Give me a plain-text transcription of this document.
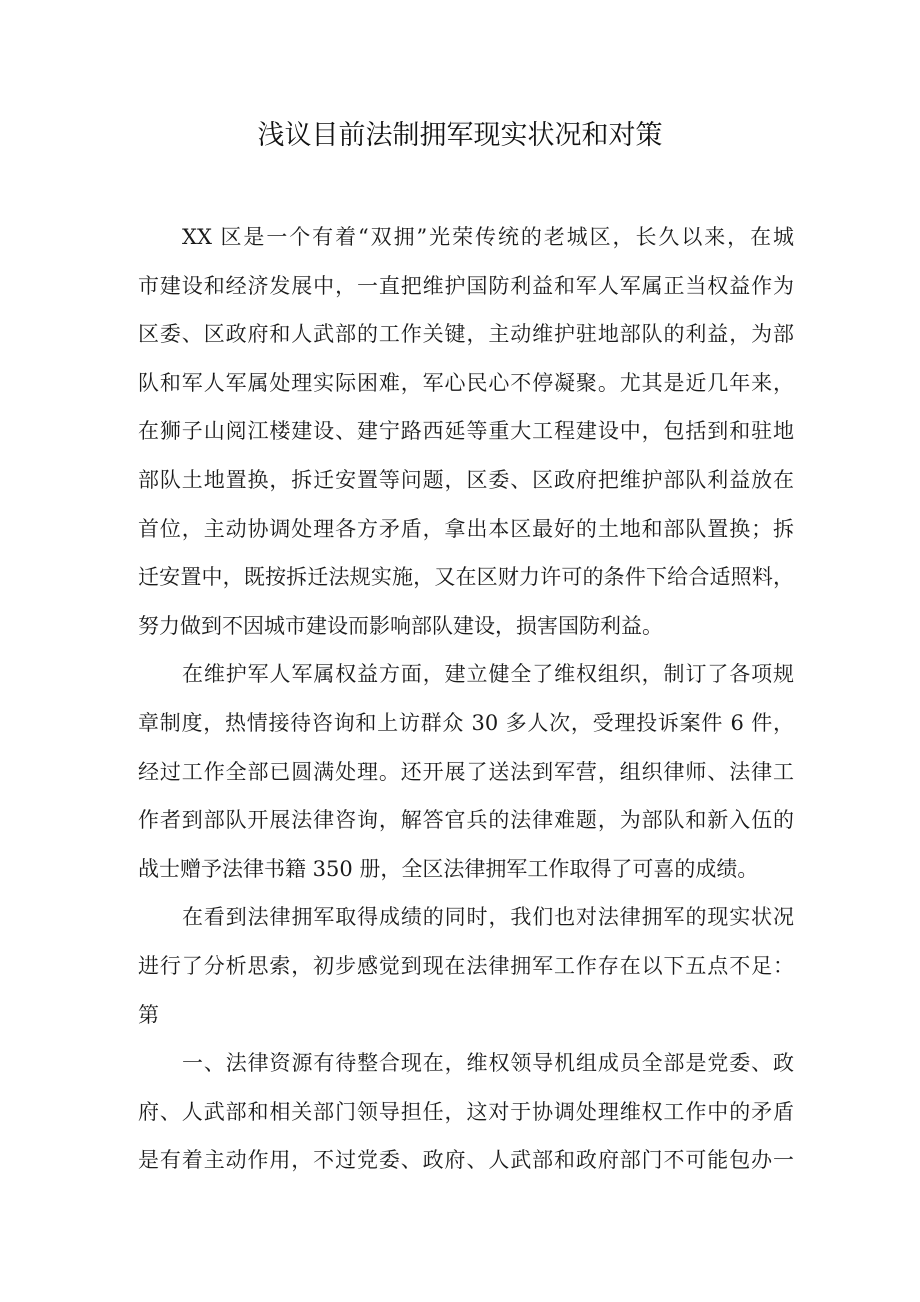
浅议目前法制拥军现实状况和对策
XX 区是一个有着“双拥”光荣传统的老城区，长久以来，在城
市建设和经济发展中，一直把维护国防利益和军人军属正当权益作为
区委、区政府和人武部的工作关键，主动维护驻地部队的利益，为部
队和军人军属处理实际困难，军心民心不停凝聚。尤其是近几年来，
在狮子山阅江楼建设、建宁路西延等重大工程建设中，包括到和驻地
部队土地置换，拆迁安置等问题，区委、区政府把维护部队利益放在
首位，主动协调处理各方矛盾，拿出本区最好的土地和部队置换；拆
迁安置中，既按拆迁法规实施，又在区财力许可的条件下给合适照料，
努力做到不因城市建设而影响部队建设，损害国防利益。
在维护军人军属权益方面，建立健全了维权组织，制订了各项规
章制度，热情接待咨询和上访群众 30 多人次，受理投诉案件 6 件，
经过工作全部已圆满处理。还开展了送法到军营，组织律师、法律工
作者到部队开展法律咨询，解答官兵的法律难题，为部队和新入伍的
战士赠予法律书籍 350 册，全区法律拥军工作取得了可喜的成绩。
在看到法律拥军取得成绩的同时，我们也对法律拥军的现实状况
进行了分析思索，初步感觉到现在法律拥军工作存在以下五点不足：
第
一、法律资源有待整合现在，维权领导机组成员全部是党委、政
府、人武部和相关部门领导担任，这对于协调处理维权工作中的矛盾
是有着主动作用，不过党委、政府、人武部和政府部门不可能包办一
